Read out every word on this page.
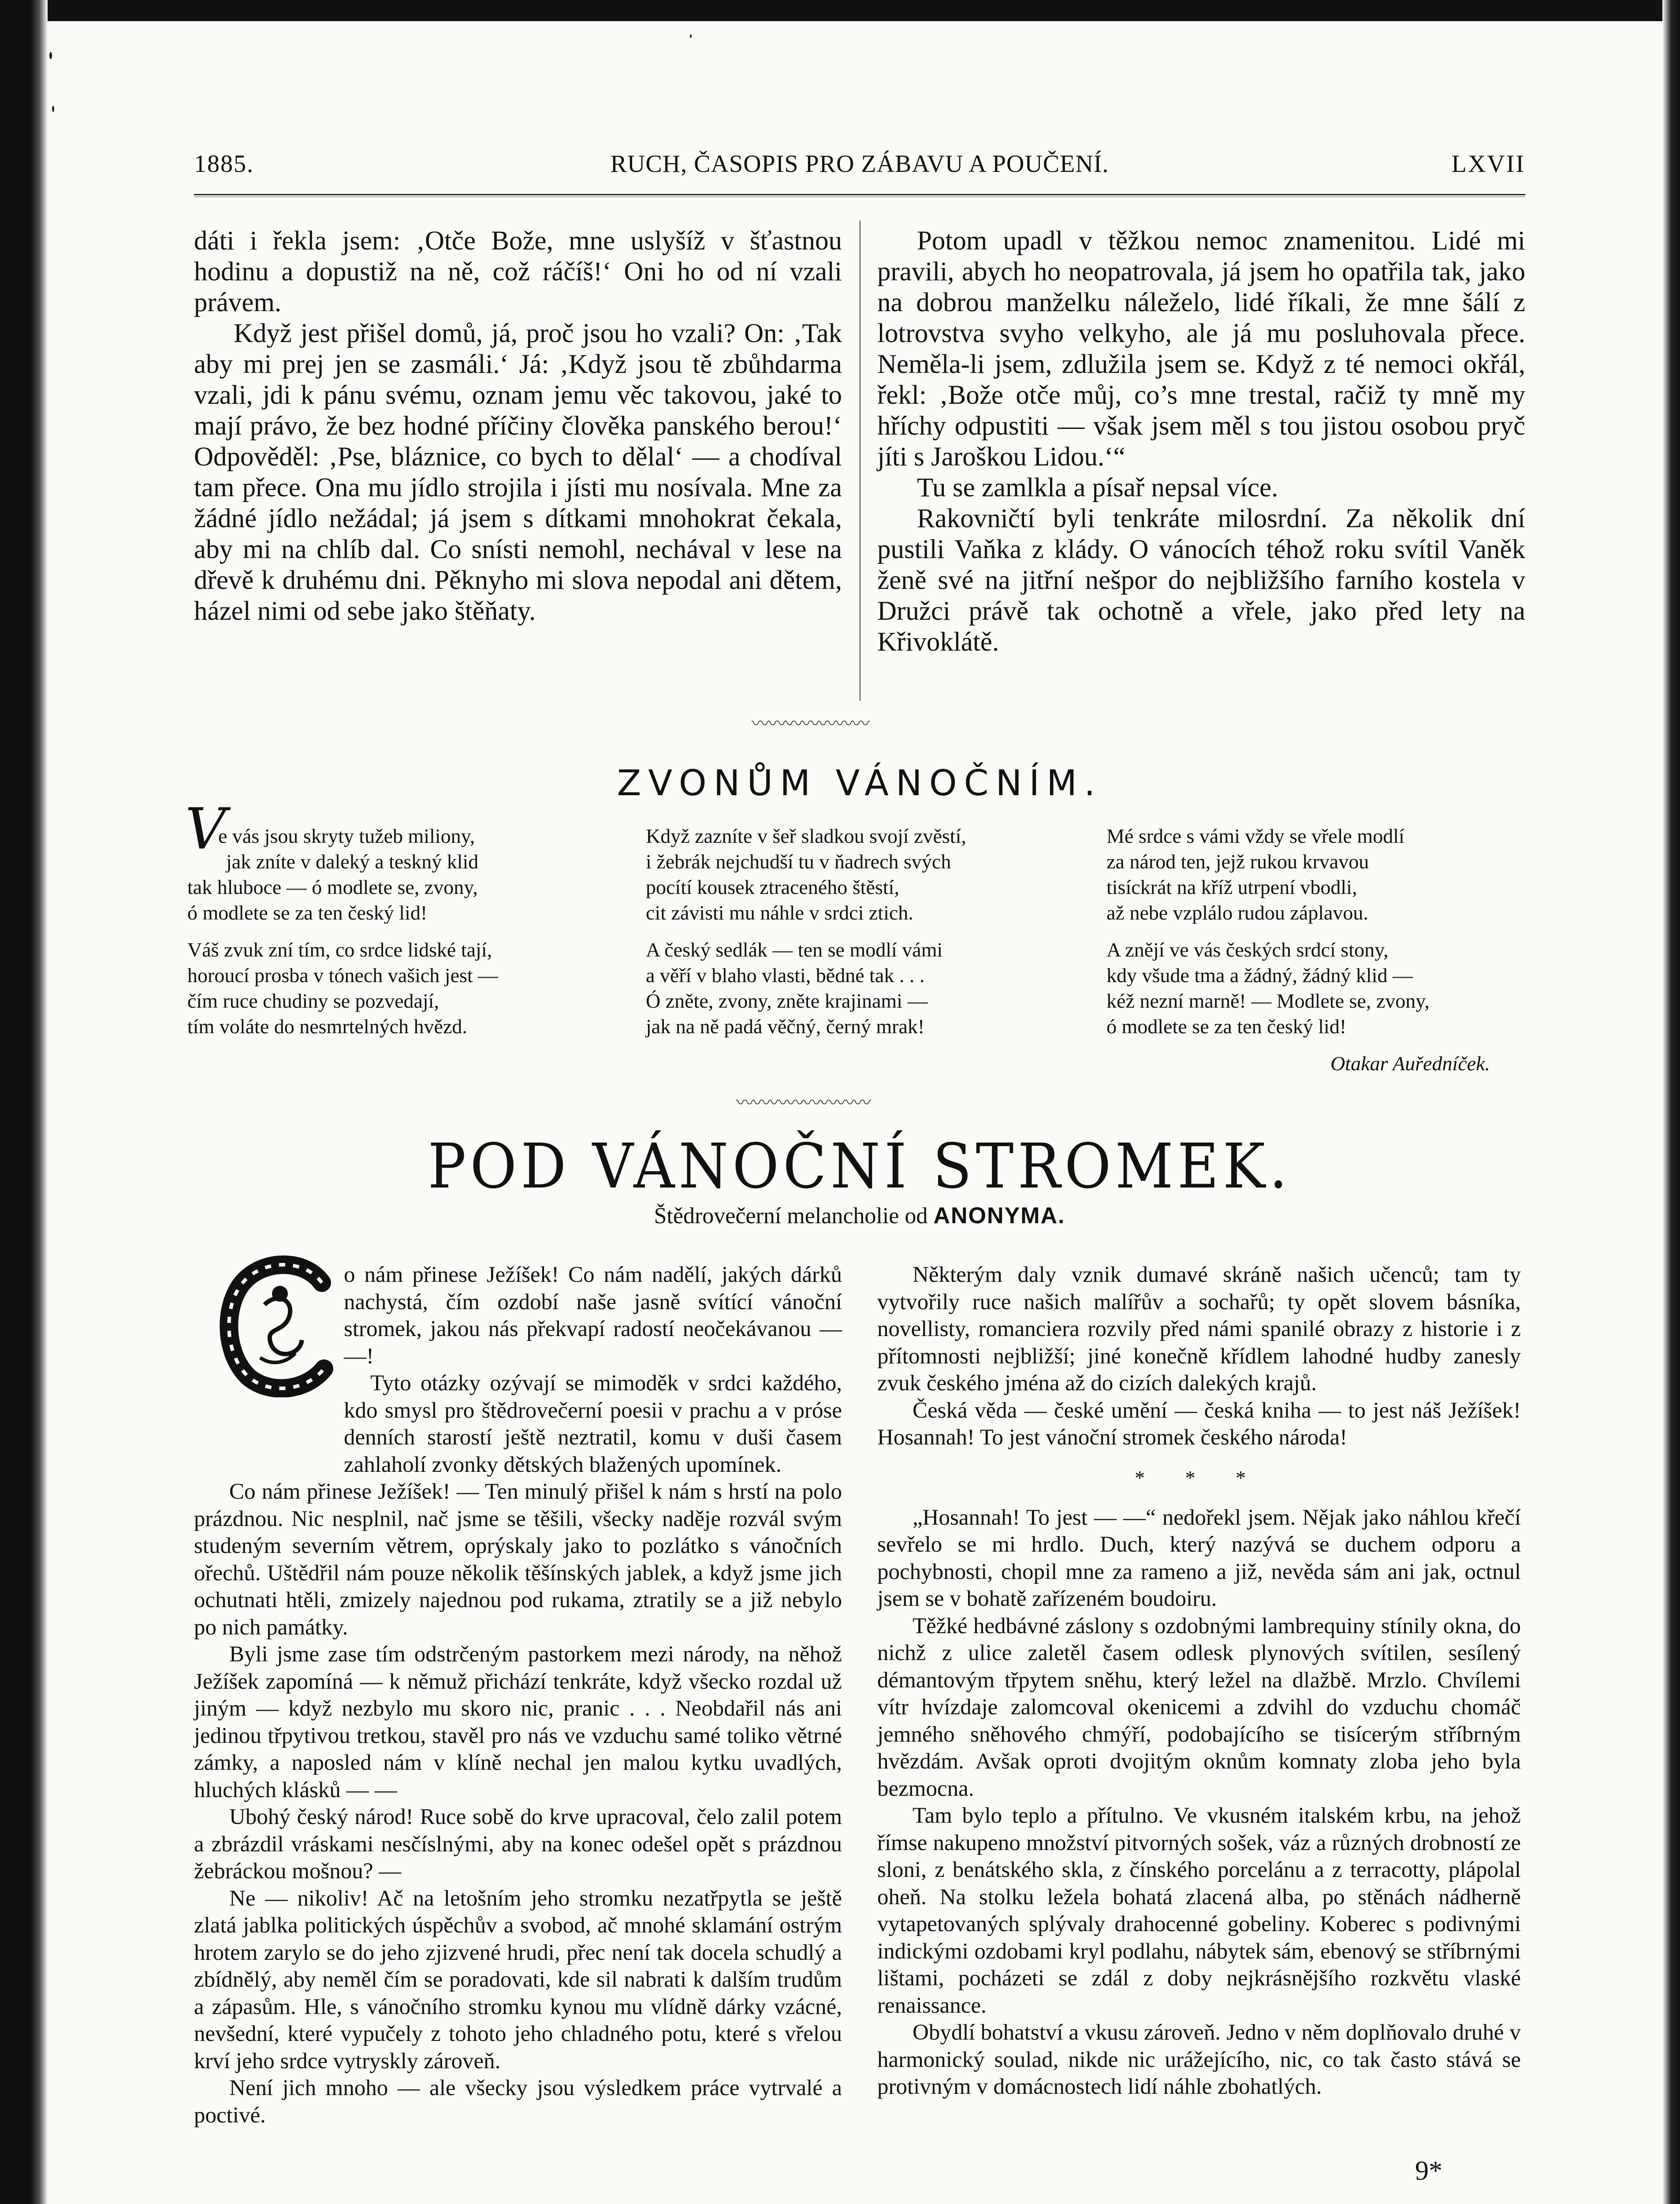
1885.	RUCH, ČASOPIS PRO ZÁBAVU A POUČENÍ.	LXVII

dáti i řekla jsem: ‚Otče Bože, mne uslyšíž v šťastnou hodinu a dopustiž na ně, což ráčíš!‘ Oni ho od ní vzali právem.

Když jest přišel domů, já, proč jsou ho vzali? On: ‚Tak aby mi prej jen se zasmáli.‘ Já: ‚Když jsou tě zbůhdarma vzali, jdi k pánu svému, oznam jemu věc takovou, jaké to mají právo, že bez hodné příčiny člověka panského berou!‘ Odpověděl: ‚Pse, bláznice, co bych to dělal‘ — a chodíval tam přece. Ona mu jídlo strojila i jísti mu nosívala. Mne za žádné jídlo nežádal; já jsem s dítkami mnohokrat čekala, aby mi na chlíb dal. Co snísti nemohl, nechával v lese na dřevě k druhému dni. Pěknyho mi slova nepodal ani dětem, házel nimi od sebe jako štěňaty.

Potom upadl v těžkou nemoc znamenitou. Lidé mi pravili, abych ho neopatrovala, já jsem ho opatřila tak, jako na dobrou manželku náleželo, lidé říkali, že mne šálí z lotrovstva svyho velkyho, ale já mu posluhovala přece. Neměla-li jsem, zdlužila jsem se. Když z té nemoci okřál, řekl: ‚Bože otče můj, co’s mne trestal, račiž ty mně my hříchy odpustiti — však jsem měl s tou jistou osobou pryč jíti s Jaroškou Lidou.‘“

Tu se zamlkla a písař nepsal více.

Rakovničtí byli tenkráte milosrdní. Za několik dní pustili Vaňka z klády. O vánocích téhož roku svítil Vaněk ženě své na jitřní nešpor do nejbližšího farního kostela v Družci právě tak ochotně a vřele, jako před lety na Křivoklátě.

〰〰〰〰〰〰〰
ZVONŮM VÁNOČNÍM.
V
e vás jsou skryty tužeb miliony,
jak zníte v daleký a teskný klid
tak hluboce — ó modlete se, zvony,
ó modlete se za ten český lid!
Váš zvuk zní tím, co srdce lidské tají,
horoucí prosba v tónech vašich jest —
čím ruce chudiny se pozvedají,
tím voláte do nesmrtelných hvězd.
Když zazníte v šeř sladkou svojí zvěstí,
i žebrák nejchudší tu v ňadrech svých
pocítí kousek ztraceného štěstí,
cit závisti mu náhle v srdci ztich.
A český sedlák — ten se modlí vámi
a věří v blaho vlasti, bědné tak . . .
Ó zněte, zvony, zněte krajinami —
jak na ně padá věčný, černý mrak!
Mé srdce s vámi vždy se vřele modlí
za národ ten, jejž rukou krvavou
tisíckrát na kříž utrpení vbodli,
až nebe vzplálo rudou záplavou.
A znějí ve vás českých srdcí stony,
kdy všude tma a žádný, žádný klid —
kéž nezní marně! — Modlete se, zvony,
ó modlete se za ten český lid!
Otakar Auředníček.
〰〰〰〰〰〰〰〰
POD VÁNOČNÍ STROMEK.
Štědrovečerní melancholie od ANONYMA.

o nám přinese Ježíšek! Co nám nadělí, jakých dárků nachystá, čím ozdobí naše jasně svítící vánoční stromek, jakou nás překvapí radostí neočekávanou — —!

Tyto otázky ozývají se mimoděk v srdci každého, kdo smysl pro štědrovečerní poesii v prachu a v próse denních starostí ještě neztratil, komu v duši časem zahlaholí zvonky dětských blažených upomínek.

Co nám přinese Ježíšek! — Ten minulý přišel k nám s hrstí na polo prázdnou. Nic nesplnil, nač jsme se těšili, všecky naděje rozvál svým studeným severním větrem, oprýskaly jako to pozlátko s vánočních ořechů. Uštědřil nám pouze několik těšínských jablek, a když jsme jich ochutnati htěli, zmizely najednou pod rukama, ztratily se a již nebylo po nich památky.

Byli jsme zase tím odstrčeným pastorkem mezi národy, na něhož Ježíšek zapomíná — k němuž přichází tenkráte, když všecko rozdal už jiným — když nezbylo mu skoro nic, pranic . . . Neobdařil nás ani jedinou třpytivou tretkou, stavěl pro nás ve vzduchu samé toliko větrné zámky, a naposled nám v klíně nechal jen malou kytku uvadlých, hluchých klásků — —

Ubohý český národ! Ruce sobě do krve upracoval, čelo zalil potem a zbrázdil vráskami nesčíslnými, aby na konec odešel opět s prázdnou žebráckou mošnou? —

Ne — nikoliv! Ač na letošním jeho stromku nezatřpytla se ještě zlatá jablka politických úspěchův a svobod, ač mnohé sklamání ostrým hrotem zarylo se do jeho zjizvené hrudi, přec není tak docela schudlý a zbídnělý, aby neměl čím se poradovati, kde sil nabrati k dalším trudům a zápasům. Hle, s vánočního stromku kynou mu vlídně dárky vzácné, nevšední, které vypučely z tohoto jeho chladného potu, které s vřelou krví jeho srdce vytryskly zároveň.

Není jich mnoho — ale všecky jsou výsledkem práce vytrvalé a poctivé.

Některým daly vznik dumavé skráně našich učenců; tam ty vytvořily ruce našich malířův a sochařů; ty opět slovem básníka, novellisty, romanciera rozvily před námi spanilé obrazy z historie i z přítomnosti nejbližší; jiné konečně křídlem lahodné hudby zanesly zvuk českého jména až do cizích dalekých krajů.

Česká věda — české umění — česká kniha — to jest náš Ježíšek! Hosannah! To jest vánoční stromek českého národa!

* * *

„Hosannah! To jest — —“ nedořekl jsem. Nějak jako náhlou křečí sevřelo se mi hrdlo. Duch, který nazývá se duchem odporu a pochybnosti, chopil mne za rameno a již, nevěda sám ani jak, octnul jsem se v bohatě zařízeném boudoiru.

Těžké hedbávné záslony s ozdobnými lambrequiny stínily okna, do nichž z ulice zaletěl časem odlesk plynových svítilen, sesílený démantovým třpytem sněhu, který ležel na dlažbě. Mrzlo. Chvílemi vítr hvízdaje zalomcoval okenicemi a zdvihl do vzduchu chomáč jemného sněhového chmýří, podobajícího se tisícerým stříbrným hvězdám. Avšak oproti dvojitým oknům komnaty zloba jeho byla bezmocna.

Tam bylo teplo a přítulno. Ve vkusném italském krbu, na jehož římse nakupeno množství pitvorných sošek, váz a různých drobností ze sloni, z benátského skla, z čínského porcelánu a z terracotty, plápolal oheň. Na stolku ležela bohatá zlacená alba, po stěnách nádherně vytapetovaných splývaly drahocenné gobeliny. Koberec s podivnými indickými ozdobami kryl podlahu, nábytek sám, ebenový se stříbrnými lištami, pocházeti se zdál z doby nejkrásnějšího rozkvětu vlaské renaissance.

Obydlí bohatství a vkusu zároveň. Jedno v něm doplňovalo druhé v harmonický soulad, nikde nic urážejícího, nic, co tak často stává se protivným v domácnostech lidí náhle zbohatlých.

9*
